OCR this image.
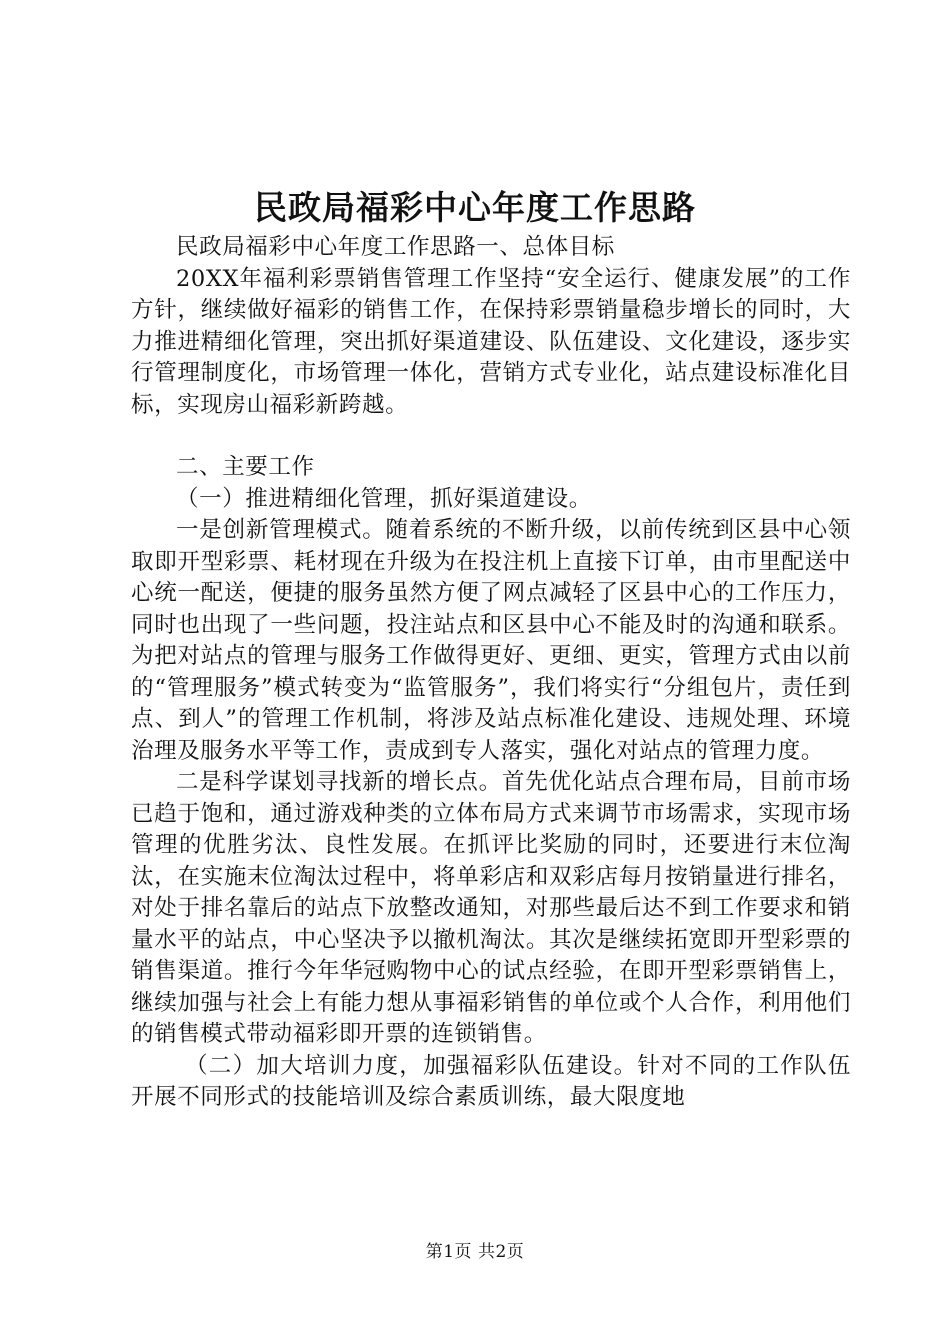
民政局福彩中心年度工作思路

民政局福彩中心年度工作思路一、总体目标

20XX年福利彩票销售管理工作坚持“安全运行、健康发展”的工作方针，继续做好福彩的销售工作，在保持彩票销量稳步增长的同时，大力推进精细化管理，突出抓好渠道建设、队伍建设、文化建设，逐步实行管理制度化，市场管理一体化，营销方式专业化，站点建设标准化目标，实现房山福彩新跨越。

二、主要工作

（一）推进精细化管理，抓好渠道建设。

一是创新管理模式。随着系统的不断升级，以前传统到区县中心领取即开型彩票、耗材现在升级为在投注机上直接下订单，由市里配送中心统一配送，便捷的服务虽然方便了网点减轻了区县中心的工作压力，同时也出现了一些问题，投注站点和区县中心不能及时的沟通和联系。为把对站点的管理与服务工作做得更好、更细、更实，管理方式由以前的“管理服务”模式转变为“监管服务”，我们将实行“分组包片，责任到点、到人”的管理工作机制，将涉及站点标准化建设、违规处理、环境治理及服务水平等工作，责成到专人落实，强化对站点的管理力度。

二是科学谋划寻找新的增长点。首先优化站点合理布局，目前市场已趋于饱和，通过游戏种类的立体布局方式来调节市场需求，实现市场管理的优胜劣汰、良性发展。在抓评比奖励的同时，还要进行末位淘汰，在实施末位淘汰过程中，将单彩店和双彩店每月按销量进行排名，对处于排名靠后的站点下放整改通知，对那些最后达不到工作要求和销量水平的站点，中心坚决予以撤机淘汰。其次是继续拓宽即开型彩票的销售渠道。推行今年华冠购物中心的试点经验，在即开型彩票销售上，继续加强与社会上有能力想从事福彩销售的单位或个人合作，利用他们的销售模式带动福彩即开票的连锁销售。

（二）加大培训力度，加强福彩队伍建设。针对不同的工作队伍开展不同形式的技能培训及综合素质训练，最大限度地

第1页 共2页
